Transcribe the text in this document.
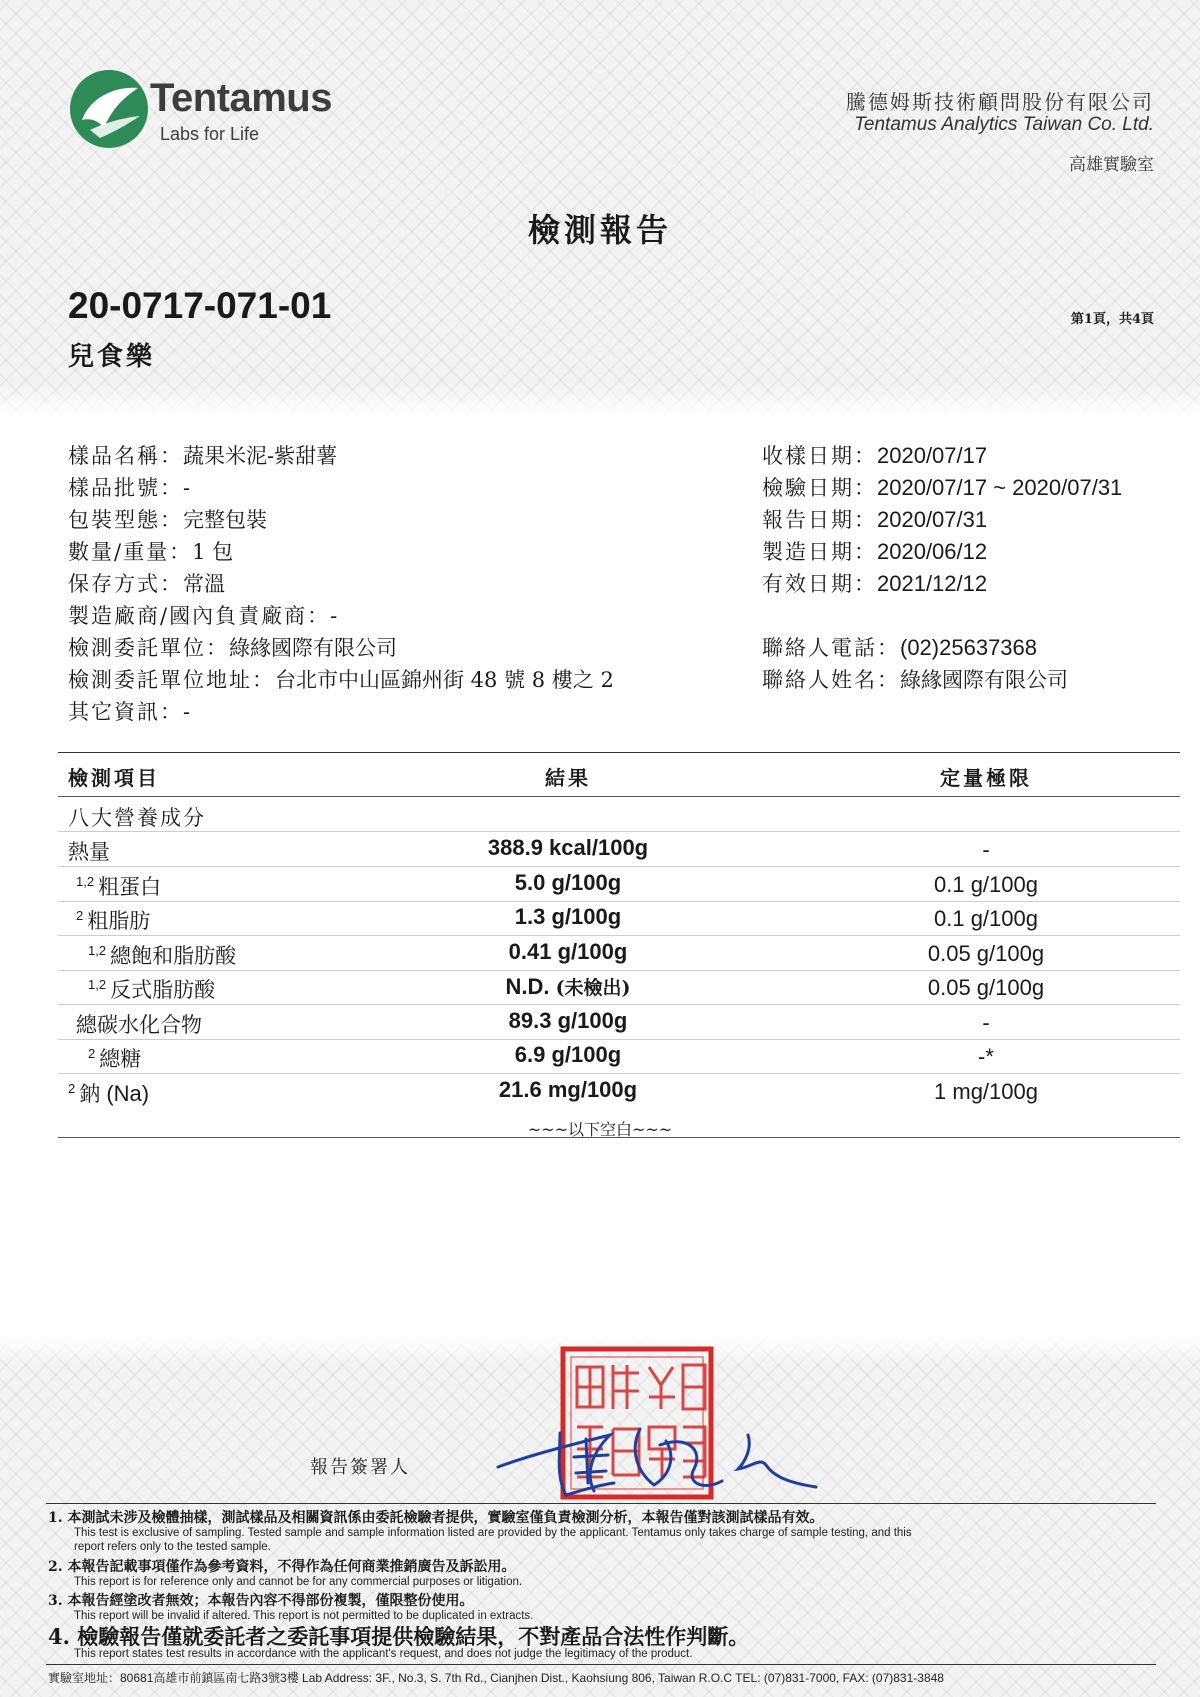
Tentamus
Labs for Life
騰德姆斯技術顧問股份有限公司
Tentamus Analytics Taiwan Co. Ltd.
高雄實驗室
檢測報告
20-0717-071-01
兒食樂
第1頁，共4頁
樣品名稱：蔬果米泥-紫甜薯
樣品批號：-
包裝型態：完整包裝
數量/重量：1 包
保存方式：常溫
製造廠商/國內負責廠商：-
檢測委託單位：綠緣國際有限公司
檢測委託單位地址：台北市中山區錦州街 48 號 8 樓之 2
其它資訊：-
收樣日期：2020/07/17
檢驗日期：2020/07/17 ~ 2020/07/31
報告日期：2020/07/31
製造日期：2020/06/12
有效日期：2021/12/12
聯絡人電話：(02)25637368
聯絡人姓名：綠緣國際有限公司
檢測項目	結果	定量極限
八大營養成分
熱量	388.9 kcal/100g	-
$^{1,2}$ 粗蛋白	5.0 g/100g	0.1 g/100g
$^2$ 粗脂肪	1.3 g/100g	0.1 g/100g
$^{1,2}$ 總飽和脂肪酸	0.41 g/100g	0.05 g/100g
$^{1,2}$ 反式脂肪酸	N.D. (未檢出)	0.05 g/100g
總碳水化合物	89.3 g/100g	-
$^2$ 總糖	6.9 g/100g	-*
$^2$ 鈉 (Na)	21.6 mg/100g	1 mg/100g
~~~以下空白~~~
報告簽署人
1. 本測試未涉及檢體抽樣，測試樣品及相關資訊係由委託檢驗者提供，實驗室僅負責檢測分析，本報告僅對該測試樣品有效。
This test is exclusive of sampling. Tested sample and sample information listed are provided by the applicant. Tentamus only takes charge of sample testing, and this
report refers only to the tested sample.
2. 本報告記載事項僅作為參考資料，不得作為任何商業推銷廣告及訴訟用。
This report is for reference only and cannot be for any commercial purposes or litigation.
3. 本報告經塗改者無效；本報告內容不得部份複製，僅限整份使用。
This report will be invalid if altered. This report is not permitted to be duplicated in extracts.
4. 檢驗報告僅就委託者之委託事項提供檢驗結果，不對產品合法性作判斷。
This report states test results in accordance with the applicant's request, and does not judge the legitimacy of the product.
實驗室地址：80681高雄市前鎮區南七路3號3樓 Lab Address: 3F., No.3, S. 7th Rd., Cianjhen Dist., Kaohsiung 806, Taiwan R.O.C TEL: (07)831-7000, FAX: (07)831-3848
